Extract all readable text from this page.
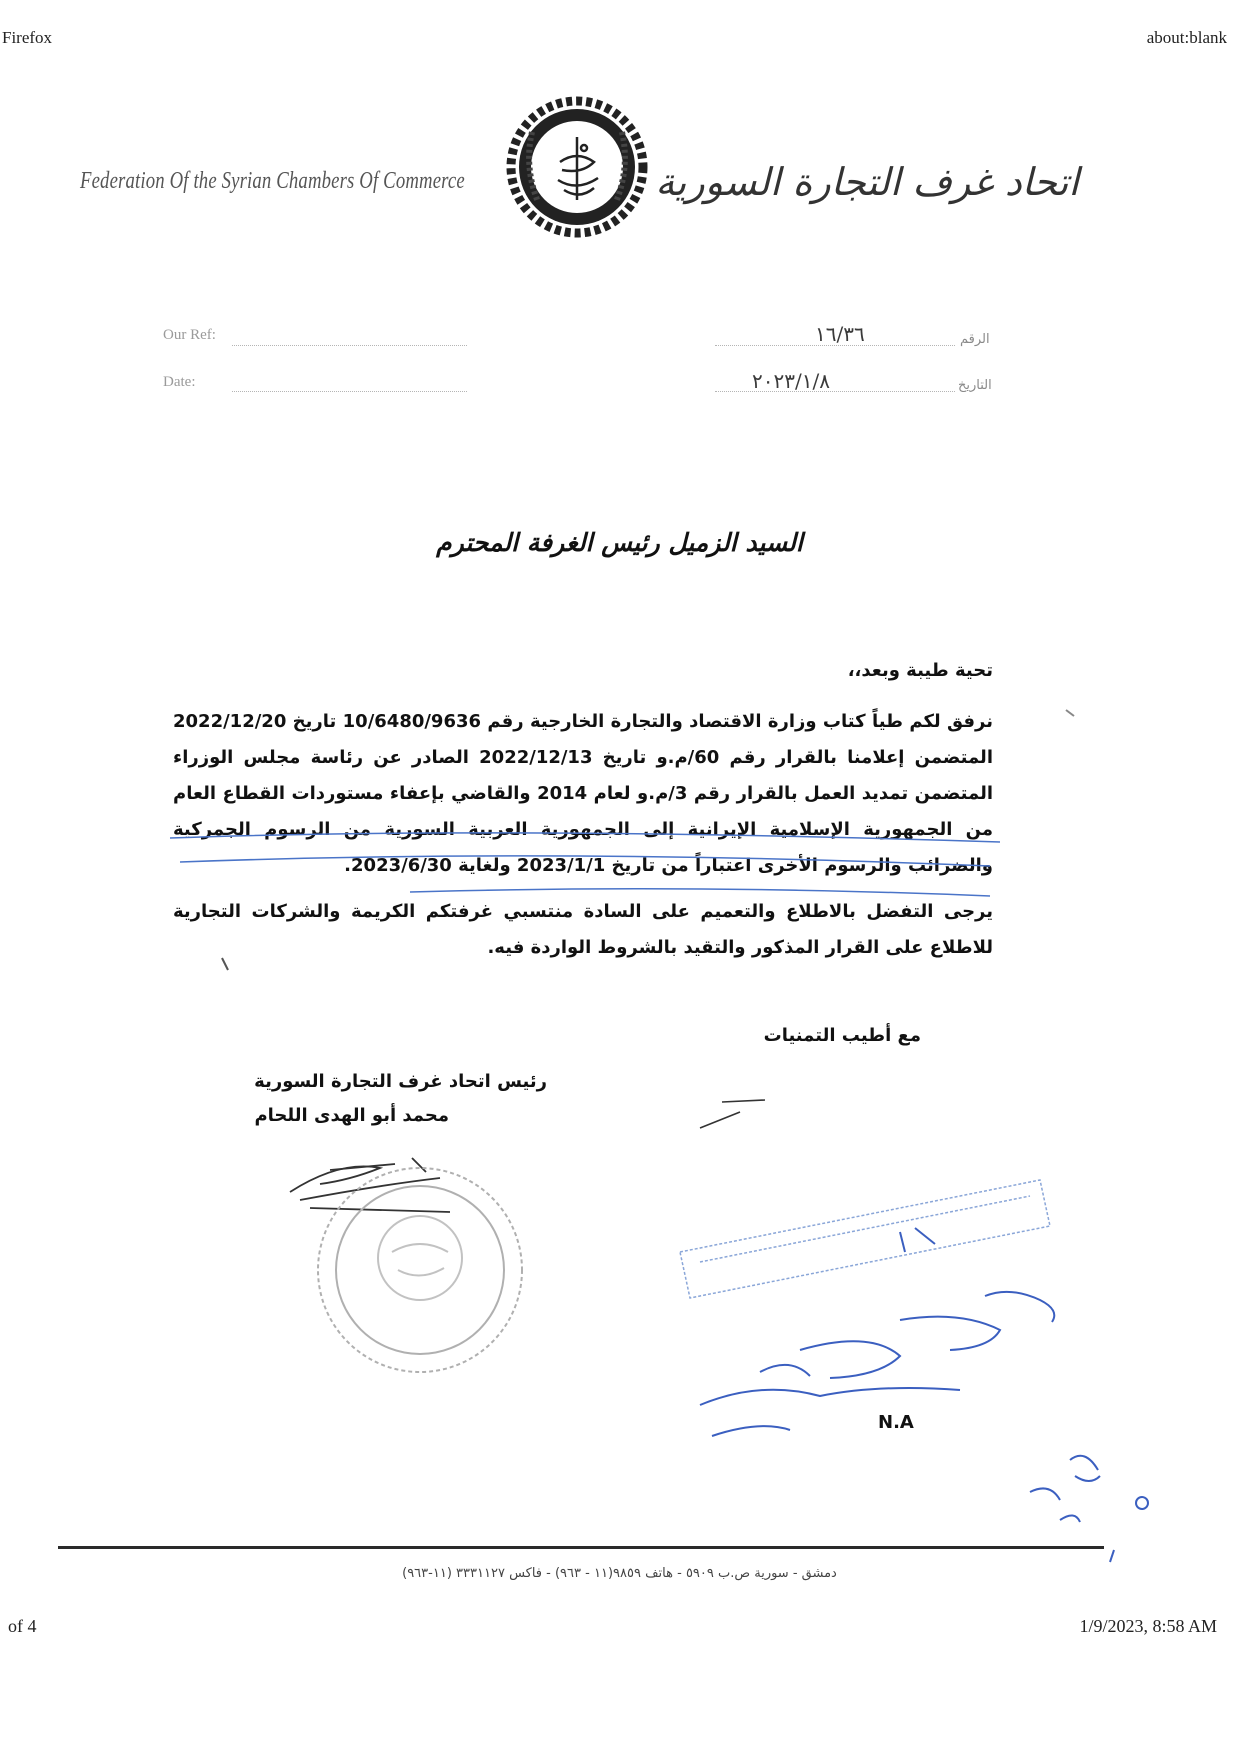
Firefox	about:blank
of 4	1/9/2023, 8:58 AM
Federation Of the Syrian Chambers Of Commerce	اتحاد غرف التجارة السورية
Our Ref:
Date:
الرقم
١٦/٣٦
التاريخ
٢٠٢٣/١/٨
السيد الزميل رئيس الغرفة المحترم
تحية طيبة وبعد،،
نرفق لكم طياً كتاب وزارة الاقتصاد والتجارة الخارجية رقم 10/6480/9636 تاريخ 2022/12/20 المتضمن إعلامنا بالقرار رقم 60/م.و تاريخ 2022/12/13 الصادر عن رئاسة مجلس الوزراء المتضمن تمديد العمل بالقرار رقم 3/م.و لعام 2014 والقاضي بإعفاء مستوردات القطاع العام من الجمهورية الإسلامية الإيرانية إلى الجمهورية العربية السورية من الرسوم الجمركية والضرائب والرسوم الأخرى اعتباراً من تاريخ 2023/1/1 ولغاية 2023/6/30.
يرجى التفضل بالاطلاع والتعميم على السادة منتسبي غرفتكم الكريمة والشركات التجارية للاطلاع على القرار المذكور والتقيد بالشروط الواردة فيه.
مع أطيب التمنيات
رئيس اتحاد غرف التجارة السورية
محمد أبو الهدى اللحام
N.A
دمشق - سورية ص.ب ٥٩٠٩ - هاتف ٩٨٥٩(١١ - ٩٦٣) - فاكس ٣٣٣١١٢٧ (١١-٩٦٣)
